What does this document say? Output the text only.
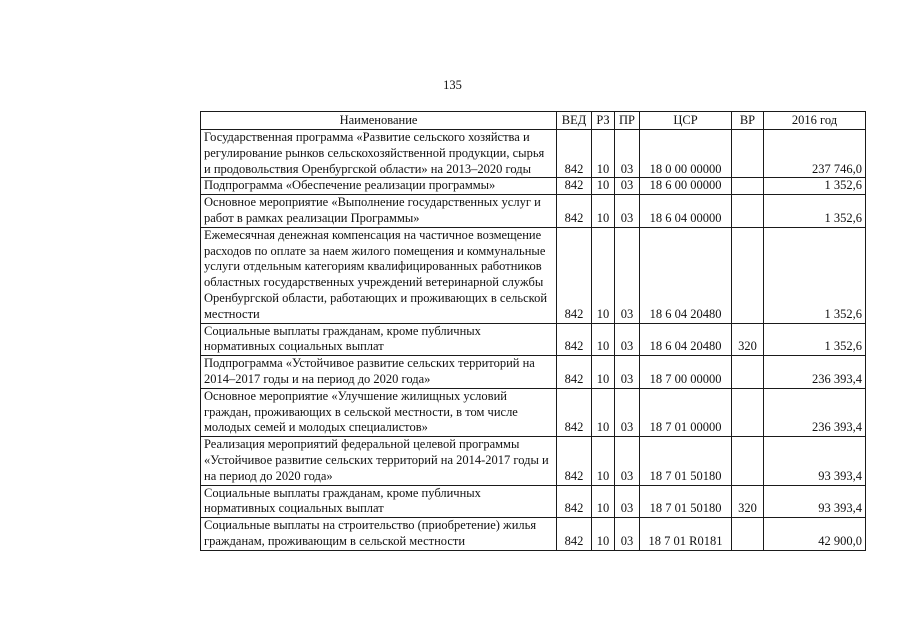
135
Наименование	ВЕД	РЗ	ПР	ЦСР	ВР	2016 год
Государственная программа «Развитие сельского хозяйства и регулирование рынков сельскохозяйственной продукции, сырья и продовольствия Оренбургской области» на 2013–2020 годы	842	10	03	18 0 00 00000		237 746,0
Подпрограмма «Обеспечение реализации программы»	842	10	03	18 6 00 00000		1 352,6
Основное мероприятие «Выполнение государственных услуг и работ в рамках реализации Программы»	842	10	03	18 6 04 00000		1 352,6
Ежемесячная денежная компенсация на частичное возмещение расходов по оплате за наем жилого помещения и коммунальные услуги отдельным категориям квалифицированных работников областных государственных учреждений ветеринарной службы Оренбургской области, работающих и проживающих в сельской местности	842	10	03	18 6 04 20480		1 352,6
Социальные выплаты гражданам, кроме публичных нормативных социальных выплат	842	10	03	18 6 04 20480	320	1 352,6
Подпрограмма «Устойчивое развитие сельских территорий на 2014–2017 годы и на период до 2020 года»	842	10	03	18 7 00 00000		236 393,4
Основное мероприятие «Улучшение жилищных условий граждан, проживающих в сельской местности, в том числе молодых семей и молодых специалистов»	842	10	03	18 7 01 00000		236 393,4
Реализация мероприятий федеральной целевой программы «Устойчивое развитие сельских территорий на 2014-2017 годы и на период до 2020 года»	842	10	03	18 7 01 50180		93 393,4
Социальные выплаты гражданам, кроме публичных нормативных социальных выплат	842	10	03	18 7 01 50180	320	93 393,4
Социальные выплаты на строительство (приобретение) жилья гражданам, проживающим в сельской местности	842	10	03	18 7 01 R0181		42 900,0
